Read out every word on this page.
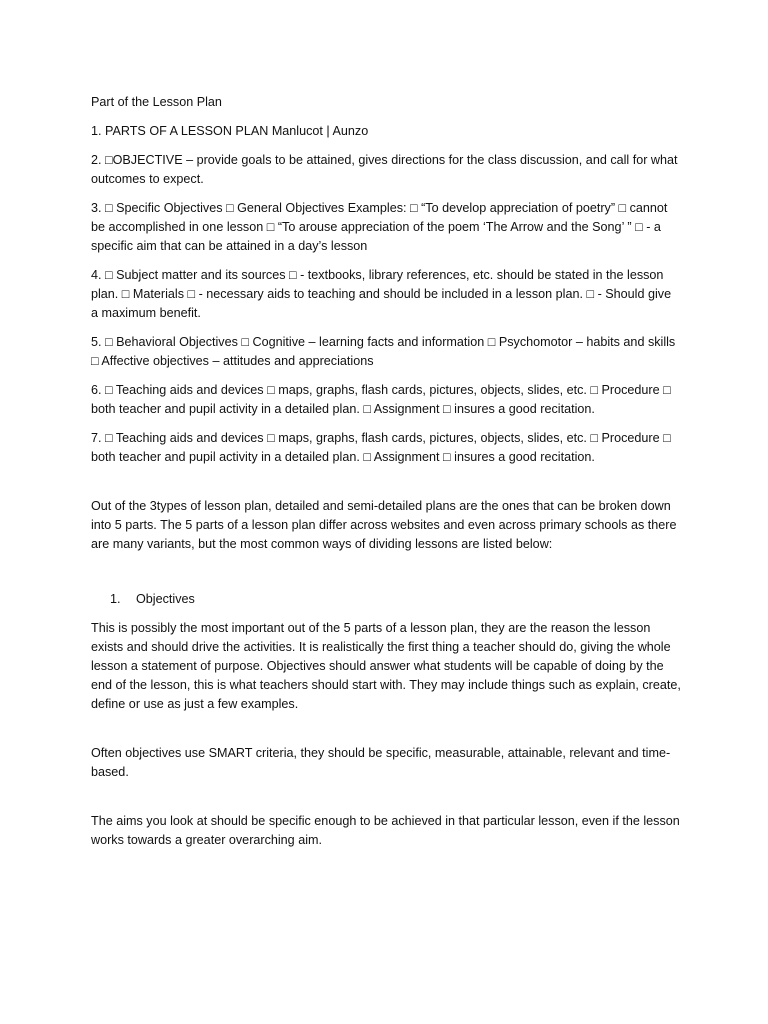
Part of the Lesson Plan

1. PARTS OF A LESSON PLAN Manlucot | Aunzo

2. □OBJECTIVE – provide goals to be attained, gives directions for the class discussion, and call for what outcomes to expect.

3. □ Specific Objectives □ General Objectives Examples: □ “To develop appreciation of poetry” □ cannot be accomplished in one lesson □ “To arouse appreciation of the poem ‘The Arrow and the Song’ ” □ - a specific aim that can be attained in a day’s lesson

4. □ Subject matter and its sources □ - textbooks, library references, etc. should be stated in the lesson plan. □ Materials □ - necessary aids to teaching and should be included in a lesson plan. □ - Should give a maximum benefit.

5. □ Behavioral Objectives □ Cognitive – learning facts and information □ Psychomotor – habits and skills □ Affective objectives – attitudes and appreciations

6. □ Teaching aids and devices □ maps, graphs, flash cards, pictures, objects, slides, etc. □ Procedure □ both teacher and pupil activity in a detailed plan. □ Assignment □ insures a good recitation.

7. □ Teaching aids and devices □ maps, graphs, flash cards, pictures, objects, slides, etc. □ Procedure □ both teacher and pupil activity in a detailed plan. □ Assignment □ insures a good recitation.

Out of the 3types of lesson plan, detailed and semi-detailed plans are the ones that can be broken down into 5 parts. The 5 parts of a lesson plan differ across websites and even across primary schools as there are many variants, but the most common ways of dividing lessons are listed below:

1.	Objectives

This is possibly the most important out of the 5 parts of a lesson plan, they are the reason the lesson exists and should drive the activities. It is realistically the first thing a teacher should do, giving the whole lesson a statement of purpose. Objectives should answer what students will be capable of doing by the end of the lesson, this is what teachers should start with. They may include things such as explain, create, define or use as just a few examples.

Often objectives use SMART criteria, they should be specific, measurable, attainable, relevant and time-based.

The aims you look at should be specific enough to be achieved in that particular lesson, even if the lesson works towards a greater overarching aim.
